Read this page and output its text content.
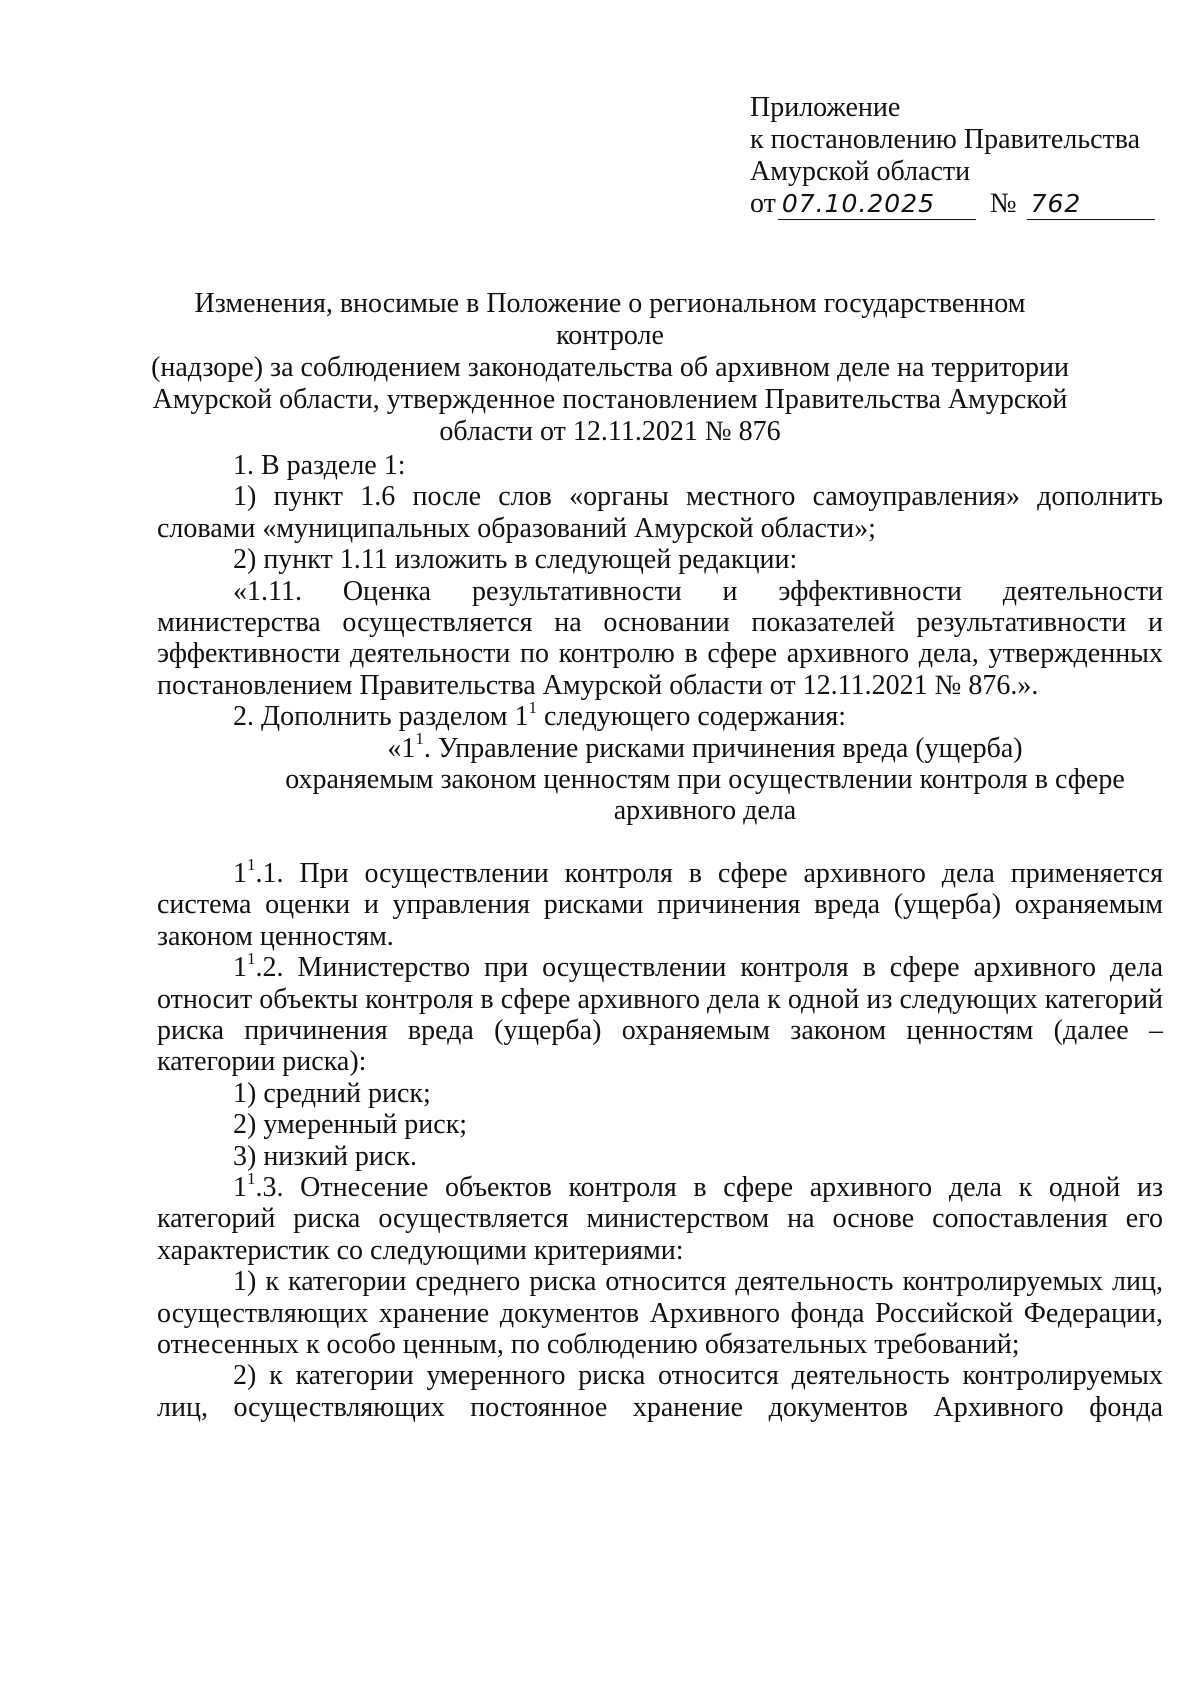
Приложение
к постановлению Правительства
Амурской области
от 07.10.2025	№ 762
Изменения, вносимые в Положение о региональном государственном контроле
(надзоре) за соблюдением законодательства об архивном деле на территории
Амурской области, утвержденное постановлением Правительства Амурской
области от 12.11.2021 № 876

1. В разделе 1:

1) пункт 1.6 после слов «органы местного самоуправления» дополнить словами «муниципальных образований Амурской области»;

2) пункт 1.11 изложить в следующей редакции:

«1.11. Оценка результативности и эффективности деятельности министерства осуществляется на основании показателей результативности и эффективности деятельности по контролю в сфере архивного дела, утвержденных постановлением Правительства Амурской области от 12.11.2021 № 876.».

2. Дополнить разделом $1^1$ следующего содержания:

«$1^1$. Управление рисками причинения вреда (ущерба)
охраняемым законом ценностям при осуществлении контроля в сфере
архивного дела

$1^1.1$. При осуществлении контроля в сфере архивного дела применяется система оценки и управления рисками причинения вреда (ущерба) охраняемым законом ценностям.

$1^1.2$. Министерство при осуществлении контроля в сфере архивного дела относит объекты контроля в сфере архивного дела к одной из следующих категорий риска причинения вреда (ущерба) охраняемым законом ценностям (далее – категории риска):

1) средний риск;

2) умеренный риск;

3) низкий риск.

$1^1.3$. Отнесение объектов контроля в сфере архивного дела к одной из категорий риска осуществляется министерством на основе сопоставления его характеристик со следующими критериями:

1) к категории среднего риска относится деятельность контролируемых лиц, осуществляющих хранение документов Архивного фонда Российской Федерации, отнесенных к особо ценным, по соблюдению обязательных требований;

2) к категории умеренного риска относится деятельность контролируемых лиц, осуществляющих постоянное хранение документов Архивного фонда
